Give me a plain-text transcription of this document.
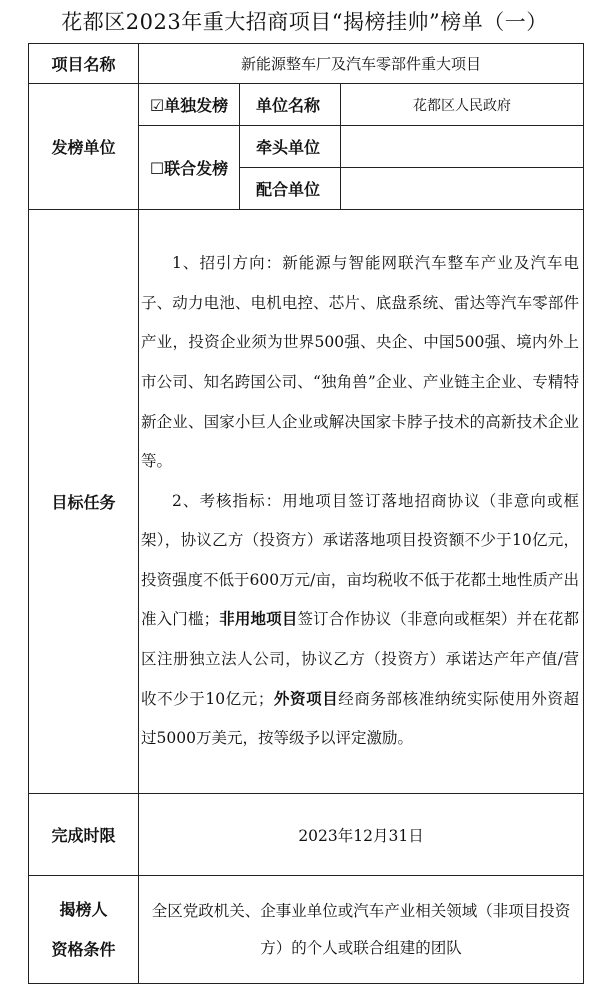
花都区2023年重大招商项目“揭榜挂帅”榜单（一）
项目名称	新能源整车厂及汽车零部件重大项目		
发榜单位	☑单独发榜	单位名称	花都区人民政府
	☐联合发榜	牵头单位	
		配合单位	
目标任务	1、招引方向：新能源与智能网联汽车整车产业及汽车电子、动力电池、电机电控、芯片、底盘系统、雷达等汽车零部件产业，投资企业须为世界500强、央企、中国500强、境内外上市公司、知名跨国公司、“独角兽”企业、产业链主企业、专精特新企业、国家小巨人企业或解决国家卡脖子技术的高新技术企业等。
2、考核指标：用地项目签订落地招商协议（非意向或框架），协议乙方（投资方）承诺落地项目投资额不少于10亿元，投资强度不低于600万元/亩，亩均税收不低于花都土地性质产出准入门槛；非用地项目签订合作协议（非意向或框架）并在花都区注册独立法人公司，协议乙方（投资方）承诺达产年产值/营收不少于10亿元；外资项目经商务部核准纳统实际使用外资超过5000万美元，按等级予以评定激励。		

完成时限	2023年12月31日		

揭榜人
资格条件	全区党政机关、企事业单位或汽车产业相关领域（非项目投资方）的个人或联合组建的团队		
